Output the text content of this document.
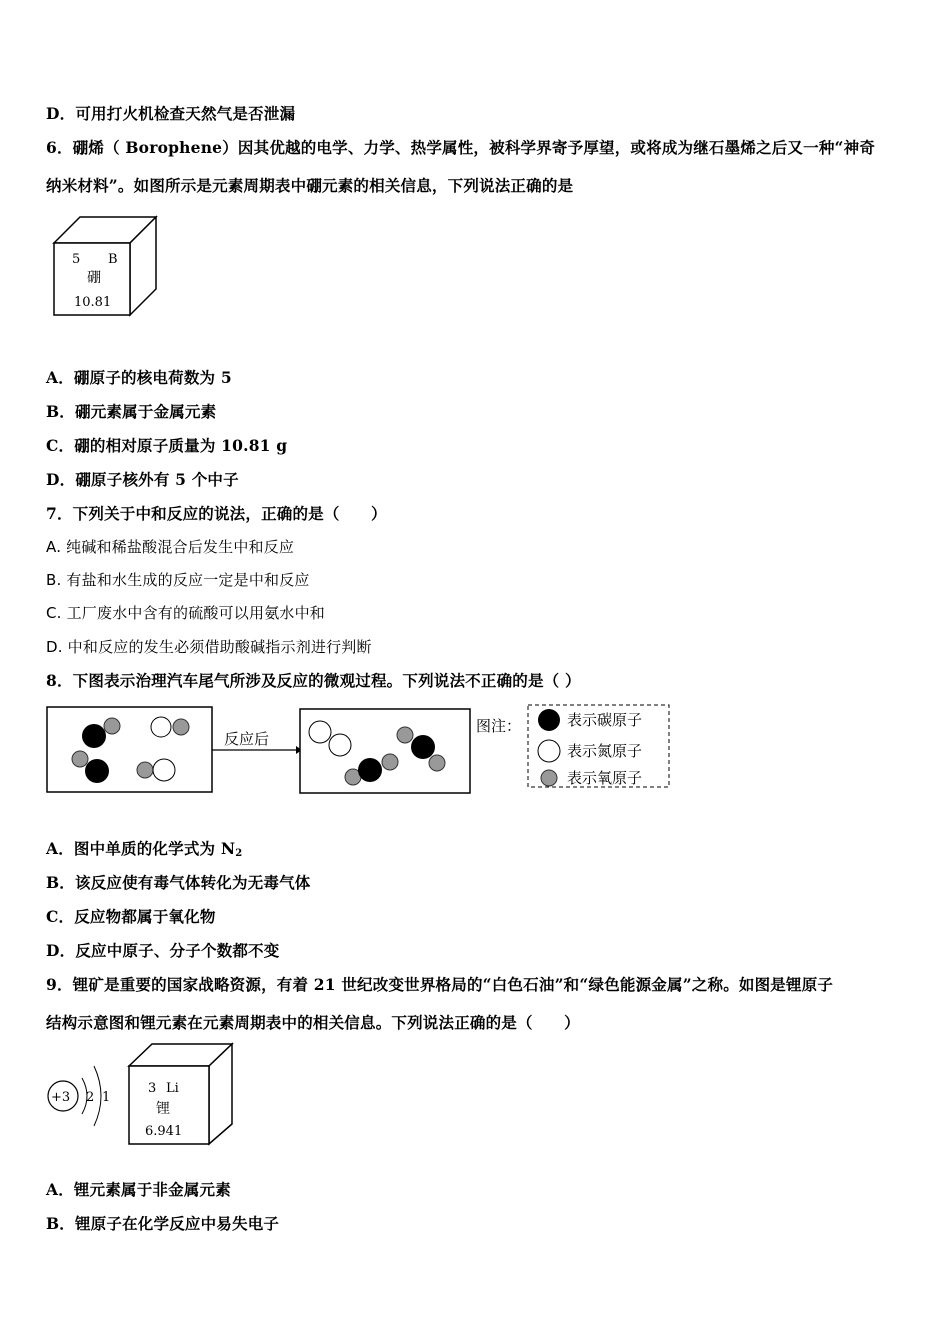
D．可用打火机检查天然气是否泄漏
6．硼烯（ Borophene）因其优越的电学、力学、热学属性，被科学界寄予厚望，或将成为继石墨烯之后又一种“神奇
纳米材料”。如图所示是元素周期表中硼元素的相关信息，下列说法正确的是
5 B
硼
10.81
A．硼原子的核电荷数为 5
B．硼元素属于金属元素
C．硼的相对原子质量为 10.81 g
D．硼原子核外有 5 个中子
7．下列关于中和反应的说法，正确的是（　　）
A. 纯碱和稀盐酸混合后发生中和反应
B. 有盐和水生成的反应一定是中和反应
C. 工厂废水中含有的硫酸可以用氨水中和
D. 中和反应的发生必须借助酸碱指示剂进行判断
8．下图表示治理汽车尾气所涉及反应的微观过程。下列说法不正确的是（ ）
反应后
图注：	表示碳原子
表示氮原子
表示氧原子
A．图中单质的化学式为 $N_2$
B．该反应使有毒气体转化为无毒气体
C．反应物都属于氧化物
D．反应中原子、分子个数都不变
9．锂矿是重要的国家战略资源，有着 21 世纪改变世界格局的“白色石油”和“绿色能源金属”之称。如图是锂原子
结构示意图和锂元素在元素周期表中的相关信息。下列说法正确的是（　　）
+3 2 1
3 Li
锂
6.941
A．锂元素属于非金属元素
B．锂原子在化学反应中易失电子
